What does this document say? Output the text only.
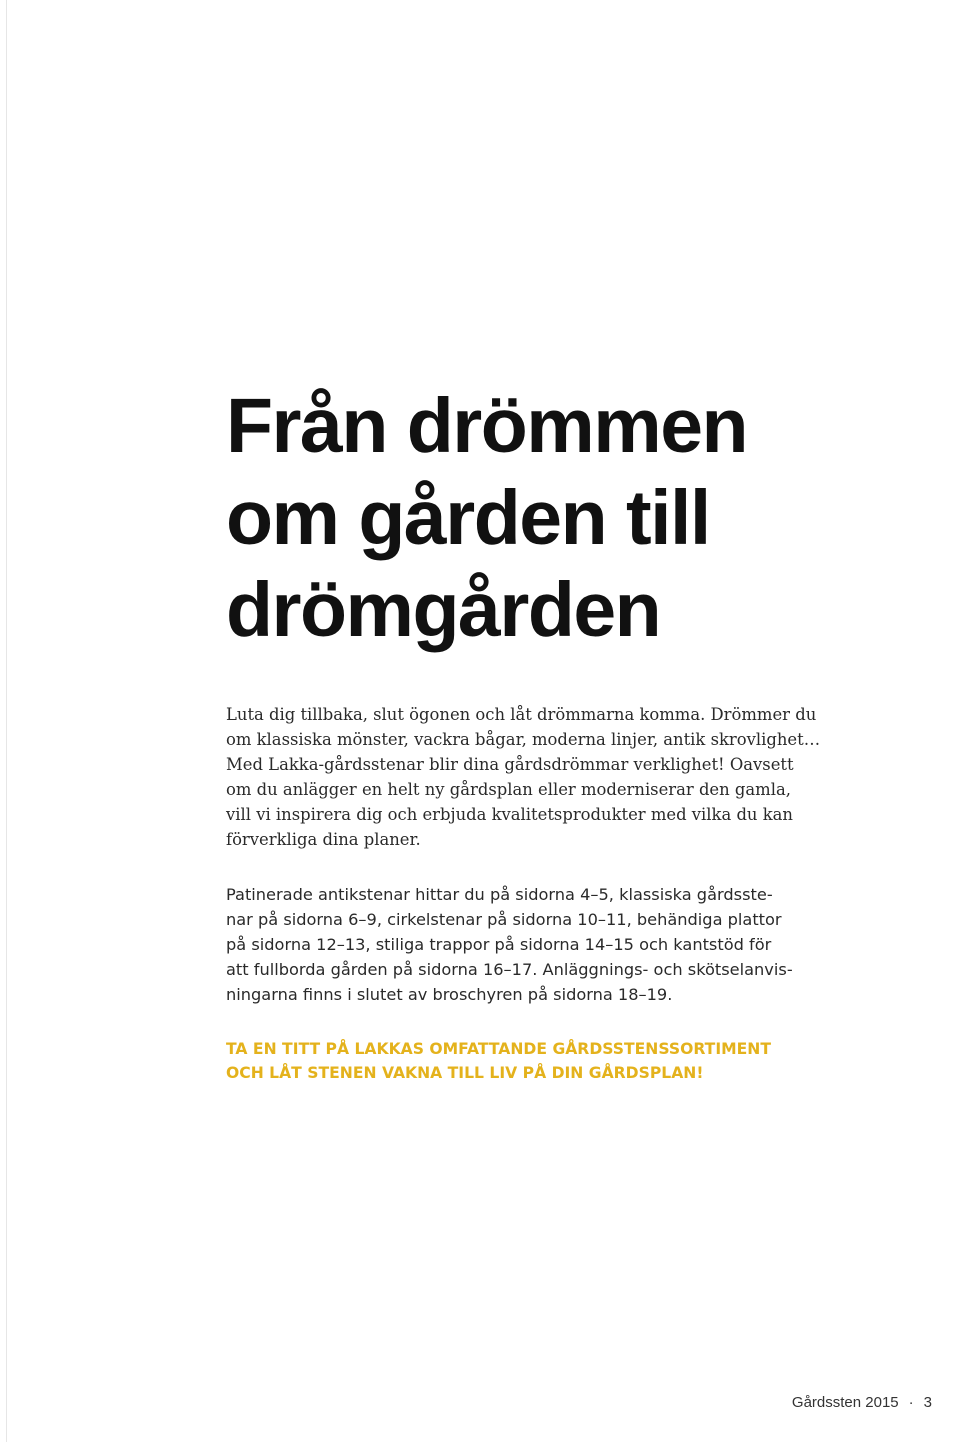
Från drömmen
om gården till
drömgården

Luta dig tillbaka, slut ögonen och låt drömmarna komma. Drömmer du
om klassiska mönster, vackra bågar, moderna linjer, antik skrovlighet…
Med Lakka-gårdsstenar blir dina gårdsdrömmar verklighet! Oavsett
om du anlägger en helt ny gårdsplan eller moderniserar den gamla,
vill vi inspirera dig och erbjuda kvalitetsprodukter med vilka du kan
förverkliga dina planer.

Patinerade antikstenar hittar du på sidorna 4–5, klassiska gårdsste-
nar på sidorna 6–9, cirkelstenar på sidorna 10–11, behändiga plattor
på sidorna 12–13, stiliga trappor på sidorna 14–15 och kantstöd för
att fullborda gården på sidorna 16–17. Anläggnings- och skötselanvis-
ningarna finns i slutet av broschyren på sidorna 18–19.

TA EN TITT PÅ LAKKAS OMFATTANDE GÅRDSSTENSSORTIMENT
OCH LÅT STENEN VAKNA TILL LIV PÅ DIN GÅRDSPLAN!

Gårdssten 2015 · 3
